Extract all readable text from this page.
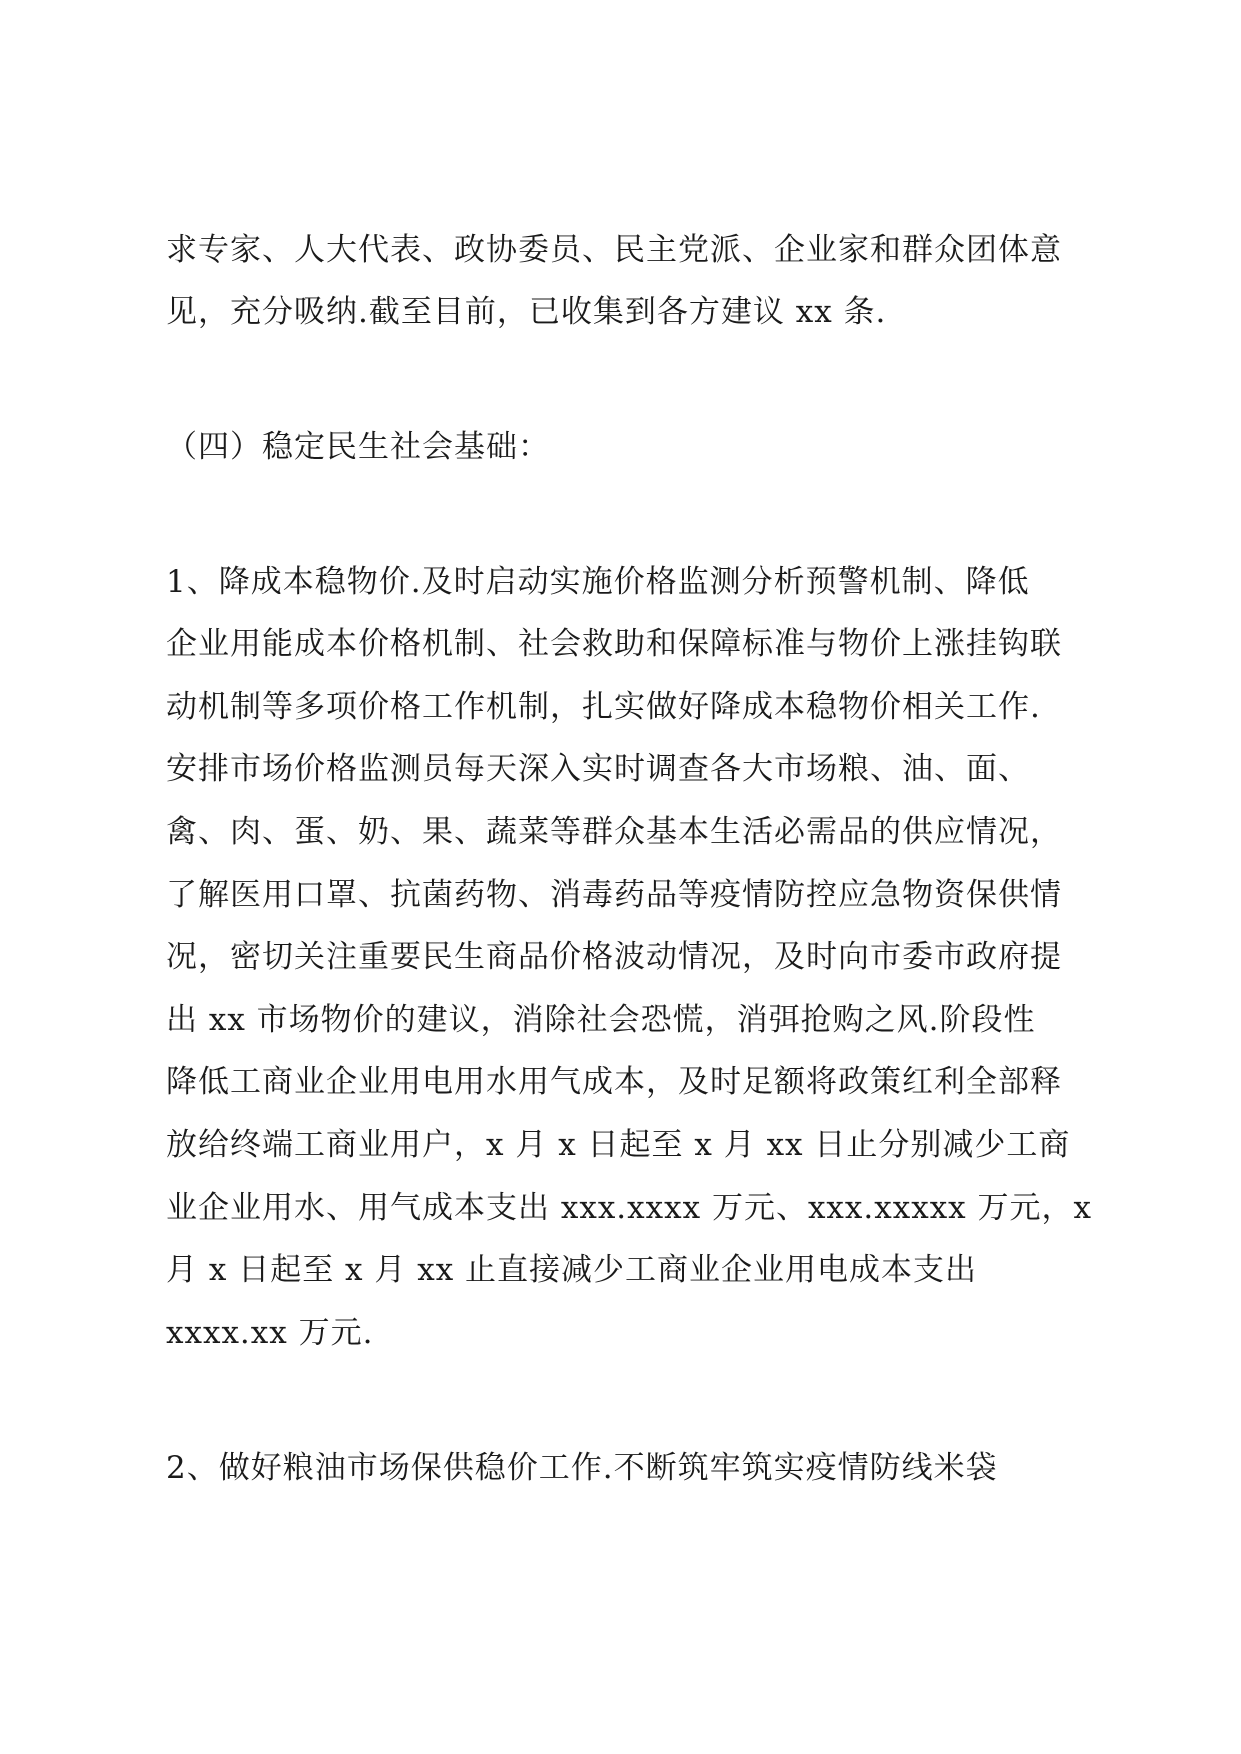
求专家、人大代表、政协委员、民主党派、企业家和群众团体意
见，充分吸纳.截至目前，已收集到各方建议 xx 条.
（四）稳定民生社会基础：
1、降成本稳物价.及时启动实施价格监测分析预警机制、降低
企业用能成本价格机制、社会救助和保障标准与物价上涨挂钩联
动机制等多项价格工作机制，扎实做好降成本稳物价相关工作.
安排市场价格监测员每天深入实时调查各大市场粮、油、面、
禽、肉、蛋、奶、果、蔬菜等群众基本生活必需品的供应情况，
了解医用口罩、抗菌药物、消毒药品等疫情防控应急物资保供情
况，密切关注重要民生商品价格波动情况，及时向市委市政府提
出 xx 市场物价的建议，消除社会恐慌，消弭抢购之风.阶段性
降低工商业企业用电用水用气成本，及时足额将政策红利全部释
放给终端工商业用户，x 月 x 日起至 x 月 xx 日止分别减少工商
业企业用水、用气成本支出 xxx.xxxx 万元、xxx.xxxxx 万元，x
月 x 日起至 x 月 xx 止直接减少工商业企业用电成本支出
xxxx.xx 万元.
2、做好粮油市场保供稳价工作.不断筑牢筑实疫情防线米袋
